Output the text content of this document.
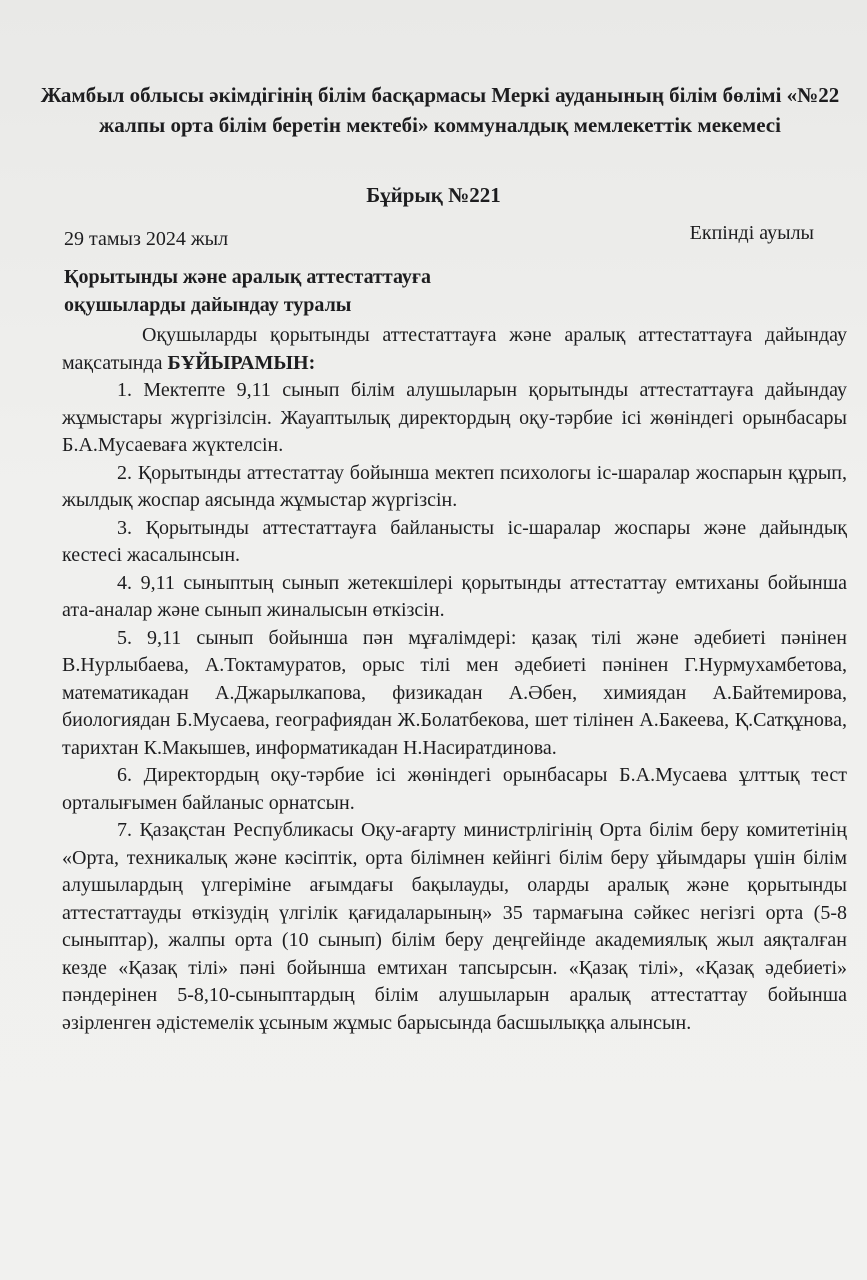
Жамбыл облысы әкімдігінің білім басқармасы Меркі ауданының білім бөлімі «№22 жалпы орта білім беретін мектебі» коммуналдық мемлекеттік мекемесі
Бұйрық №221
29 тамыз 2024 жыл	Екпінді ауылы
Қорытынды және аралық аттестаттауға
оқушыларды дайындау туралы

Оқушыларды қорытынды аттестаттауға және аралық аттестаттауға дайындау мақсатында БҰЙЫРАМЫН:

1. Мектепте 9,11 сынып білім алушыларын қорытынды аттестаттауға дайындау жұмыстары жүргізілсін. Жауаптылық директордың оқу-тәрбие ісі жөніндегі орынбасары Б.А.Мусаеваға жүктелсін.

2. Қорытынды аттестаттау бойынша мектеп психологы іс-шаралар жоспарын құрып, жылдық жоспар аясында жұмыстар жүргізсін.

3. Қорытынды аттестаттауға байланысты іс-шаралар жоспары және дайындық кестесі жасалынсын.

4. 9,11 сыныптың сынып жетекшілері қорытынды аттестаттау емтиханы бойынша ата-аналар және сынып жиналысын өткізсін.

5. 9,11 сынып бойынша пән мұғалімдері: қазақ тілі және әдебиеті пәнінен В.Нурлыбаева, А.Токтамуратов, орыс тілі мен әдебиеті пәнінен Г.Нурмухамбетова, математикадан А.Джарылкапова, физикадан А.Әбен, химиядан А.Байтемирова, биологиядан Б.Мусаева, географиядан Ж.Болатбекова, шет тілінен А.Бакеева, Қ.Сатқұнова, тарихтан К.Макышев, информатикадан Н.Насиратдинова.

6. Директордың оқу-тәрбие ісі жөніндегі орынбасары Б.А.Мусаева ұлттық тест орталығымен байланыс орнатсын.

7. Қазақстан Республикасы Оқу-ағарту министрлігінің Орта білім беру комитетінің «Орта, техникалық және кәсіптік, орта білімнен кейінгі білім беру ұйымдары үшін білім алушылардың үлгеріміне ағымдағы бақылауды, оларды аралық және қорытынды аттестаттауды өткізудің үлгілік қағидаларының» 35 тармағына сәйкес негізгі орта (5-8 сыныптар), жалпы орта (10 сынып) білім беру деңгейінде академиялық жыл аяқталған кезде «Қазақ тілі» пәні бойынша емтихан тапсырсын. «Қазақ тілі», «Қазақ әдебиеті» пәндерінен 5-8,10-сыныптардың білім алушыларын аралық аттестаттау бойынша әзірленген әдістемелік ұсыным жұмыс барысында басшылыққа алынсын.
